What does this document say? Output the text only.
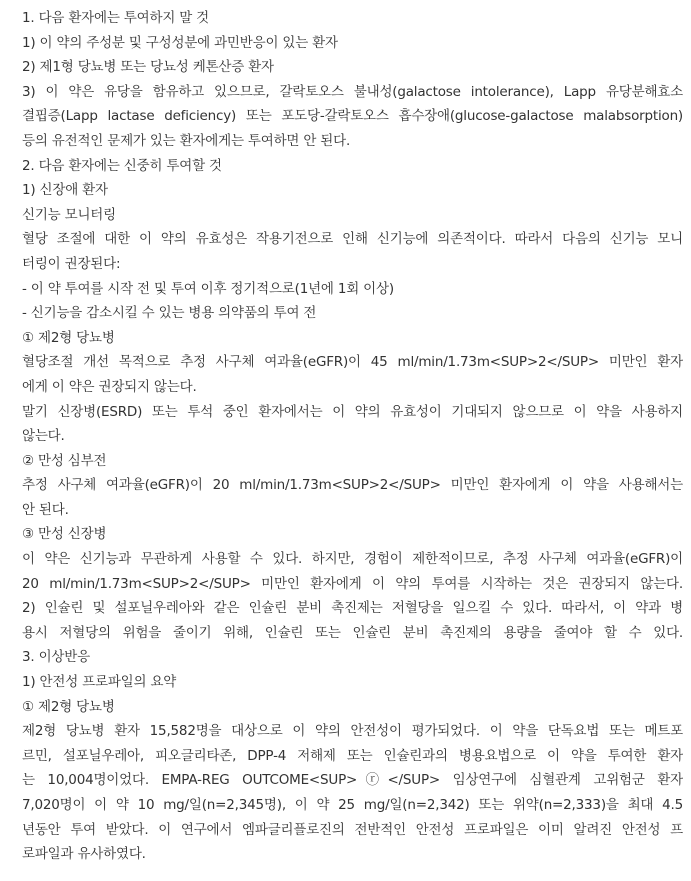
1. 다음 환자에는 투여하지 말 것
1) 이 약의 주성분 및 구성성분에 과민반응이 있는 환자
2) 제1형 당뇨병 또는 당뇨성 케톤산증 환자
3) 이 약은 유당을 함유하고 있으므로, 갈락토오스 불내성(galactose intolerance), Lapp 유당분해효소
결핍증(Lapp lactase deficiency) 또는 포도당-갈락토오스 흡수장애(glucose-galactose malabsorption)
등의 유전적인 문제가 있는 환자에게는 투여하면 안 된다.
2. 다음 환자에는 신중히 투여할 것
1) 신장애 환자
신기능 모니터링
혈당 조절에 대한 이 약의 유효성은 작용기전으로 인해 신기능에 의존적이다. 따라서 다음의 신기능 모니
터링이 권장된다:
- 이 약 투여를 시작 전 및 투여 이후 정기적으로(1년에 1회 이상)
- 신기능을 감소시킬 수 있는 병용 의약품의 투여 전
① 제2형 당뇨병
혈당조절 개선 목적으로 추정 사구체 여과율(eGFR)이 45 ml/min/1.73m<SUP>2</SUP> 미만인 환자
에게 이 약은 권장되지 않는다.
말기 신장병(ESRD) 또는 투석 중인 환자에서는 이 약의 유효성이 기대되지 않으므로 이 약을 사용하지
않는다.
② 만성 심부전
추정 사구체 여과율(eGFR)이 20 ml/min/1.73m<SUP>2</SUP> 미만인 환자에게 이 약을 사용해서는
안 된다.
③ 만성 신장병
이 약은 신기능과 무관하게 사용할 수 있다. 하지만, 경험이 제한적이므로, 추정 사구체 여과율(eGFR)이
20 ml/min/1.73m<SUP>2</SUP> 미만인 환자에게 이 약의 투여를 시작하는 것은 권장되지 않는다.
2) 인슐린 및 설포닐우레아와 같은 인슐린 분비 촉진제는 저혈당을 일으킬 수 있다. 따라서, 이 약과 병
용시 저혈당의 위험을 줄이기 위해, 인슐린 또는 인슐린 분비 촉진제의 용량을 줄여야 할 수 있다.
3. 이상반응
1) 안전성 프로파일의 요약
① 제2형 당뇨병
제2형 당뇨병 환자 15,582명을 대상으로 이 약의 안전성이 평가되었다. 이 약을 단독요법 또는 메트포
르민, 설포닐우레아, 피오글리타존, DPP-4 저해제 또는 인슐린과의 병용요법으로 이 약을 투여한 환자
는 10,004명이었다. EMPA-REG OUTCOME<SUP>ⓡ</SUP> 임상연구에 심혈관계 고위험군 환자
7,020명이 이 약 10 mg/일(n=2,345명), 이 약 25 mg/일(n=2,342) 또는 위약(n=2,333)을 최대 4.5
년동안 투여 받았다. 이 연구에서 엠파글리플로진의 전반적인 안전성 프로파일은 이미 알려진 안전성 프
로파일과 유사하였다.
